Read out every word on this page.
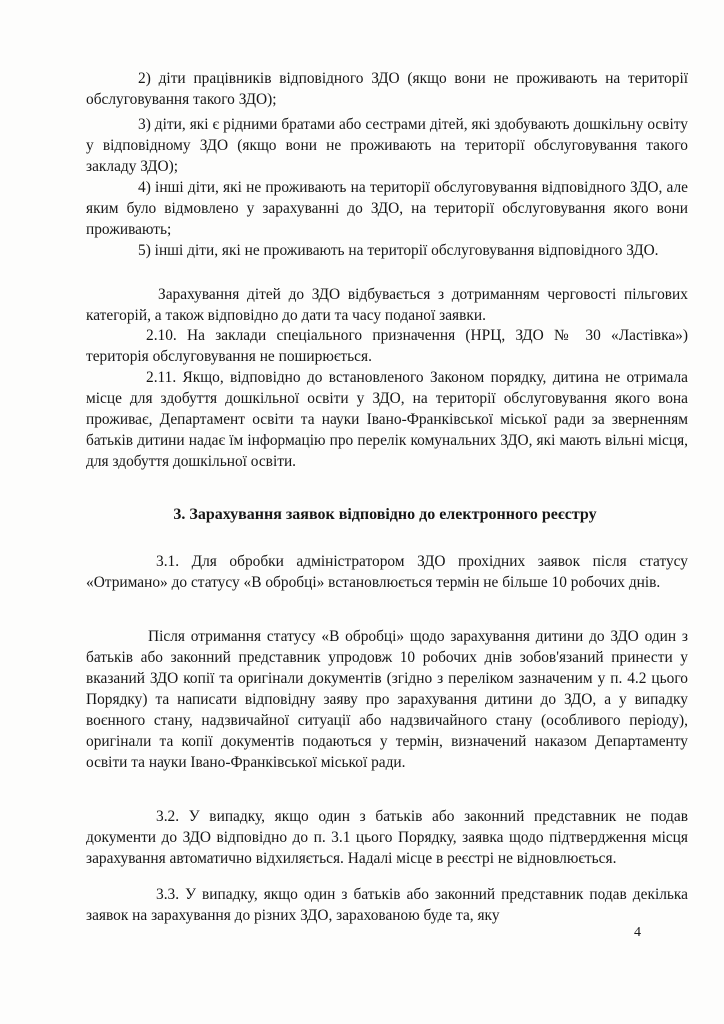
2) діти працівників відповідного ЗДО (якщо вони не проживають на території обслуговування такого ЗДО);

3) діти, які є рідними братами або сестрами дітей, які здобувають дошкільну освіту у відповідному ЗДО (якщо вони не проживають на території обслуговування такого закладу ЗДО);

4) інші діти, які не проживають на території обслуговування відповідного ЗДО, але яким було відмовлено у зарахуванні до ЗДО, на території обслуговування якого вони проживають;

5) інші діти, які не проживають на території обслуговування відповідного ЗДО.

Зарахування дітей до ЗДО відбувається з дотриманням черговості пільгових категорій, а також відповідно до дати та часу поданої заявки.

2.10. На заклади спеціального призначення (НРЦ, ЗДО № 30 «Ластівка») територія обслуговування не поширюється.

2.11. Якщо, відповідно до встановленого Законом порядку, дитина не отримала місце для здобуття дошкільної освіти у ЗДО, на території обслуговування якого вона проживає, Департамент освіти та науки Івано-Франківської міської ради за зверненням батьків дитини надає їм інформацію про перелік комунальних ЗДО, які мають вільні місця, для здобуття дошкільної освіти.

3. Зарахування заявок відповідно до електронного реєстру

3.1. Для обробки адміністратором ЗДО прохідних заявок після статусу «Отримано» до статусу «В обробці» встановлюється термін не більше 10 робочих днів.

Після отримання статусу «В обробці» щодо зарахування дитини до ЗДО один з батьків або законний представник упродовж 10 робочих днів зобов'язаний принести у вказаний ЗДО копії та оригінали документів (згідно з переліком зазначеним у п. 4.2 цього Порядку) та написати відповідну заяву про зарахування дитини до ЗДО, а у випадку воєнного стану, надзвичайної ситуації або надзвичайного стану (особливого періоду), оригінали та копії документів подаються у термін, визначений наказом Департаменту освіти та науки Івано-Франківської міської ради.

3.2. У випадку, якщо один з батьків або законний представник не подав документи до ЗДО відповідно до п. 3.1 цього Порядку, заявка щодо підтвердження місця зарахування автоматично відхиляється. Надалі місце в реєстрі не відновлюється.

3.3. У випадку, якщо один з батьків або законний представник подав декілька заявок на зарахування до різних ЗДО, зарахованою буде та, яку

4
